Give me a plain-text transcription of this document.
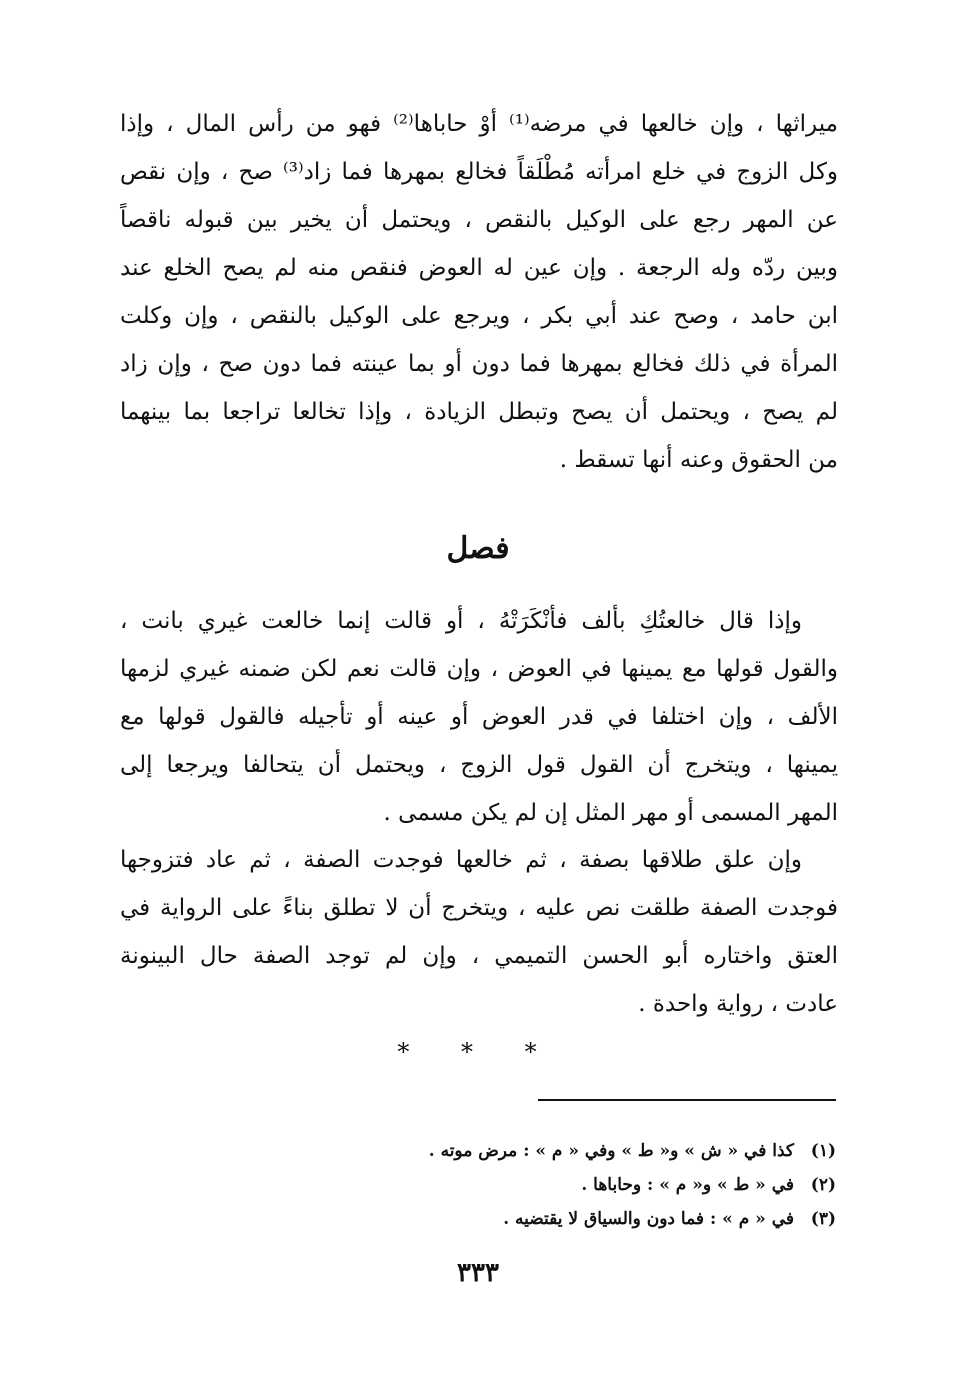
ميراثها ، وإن خالعها في مرضه⁽¹⁾ أوْ حاباها⁽²⁾ فهو من رأس المال ، وإذا
وكل الزوج في خلع امرأته مُطْلَقاً فخالع بمهرها فما زاد⁽³⁾ صح ، وإن نقص
عن المهر رجع على الوكيل بالنقص ، ويحتمل أن يخير بين قبوله ناقصاً
وبين ردّه وله الرجعة . وإن عين له العوض فنقص منه لم يصح الخلع عند
ابن حامد ، وصح عند أبي بكر ، ويرجع على الوكيل بالنقص ، وإن وكلت
المرأة في ذلك فخالع بمهرها فما دون أو بما عينته فما دون صح ، وإن زاد
لم يصح ، ويحتمل أن يصح وتبطل الزيادة ، وإذا تخالعا تراجعا بما بينهما
من الحقوق وعنه أنها تسقط .
فصل
وإذا قال خالعتُكِ بألف فأنْكَرَتْهُ ، أو قالت إنما خالعت غيري بانت ،
والقول قولها مع يمينها في العوض ، وإن قالت نعم لكن ضمنه غيري لزمها
الألف ، وإن اختلفا في قدر العوض أو عينه أو تأجيله فالقول قولها مع
يمينها ، ويتخرج أن القول قول الزوج ، ويحتمل أن يتحالفا ويرجعا إلى
المهر المسمى أو مهر المثل إن لم يكن مسمى .
وإن علق طلاقها بصفة ، ثم خالعها فوجدت الصفة ، ثم عاد فتزوجها
فوجدت الصفة طلقت نص عليه ، ويتخرج أن لا تطلق بناءً على الرواية في
العتق واختاره أبو الحسن التميمي ، وإن لم توجد الصفة حال البينونة
عادت ، رواية واحدة .
* * *
(١)كذا في « ش » و« ط » وفي « م » : مرض موته .
(٢)في « ط » و« م » : وحاباها .
(٣)في « م » : فما دون والسياق لا يقتضيه .
٣٣٣
